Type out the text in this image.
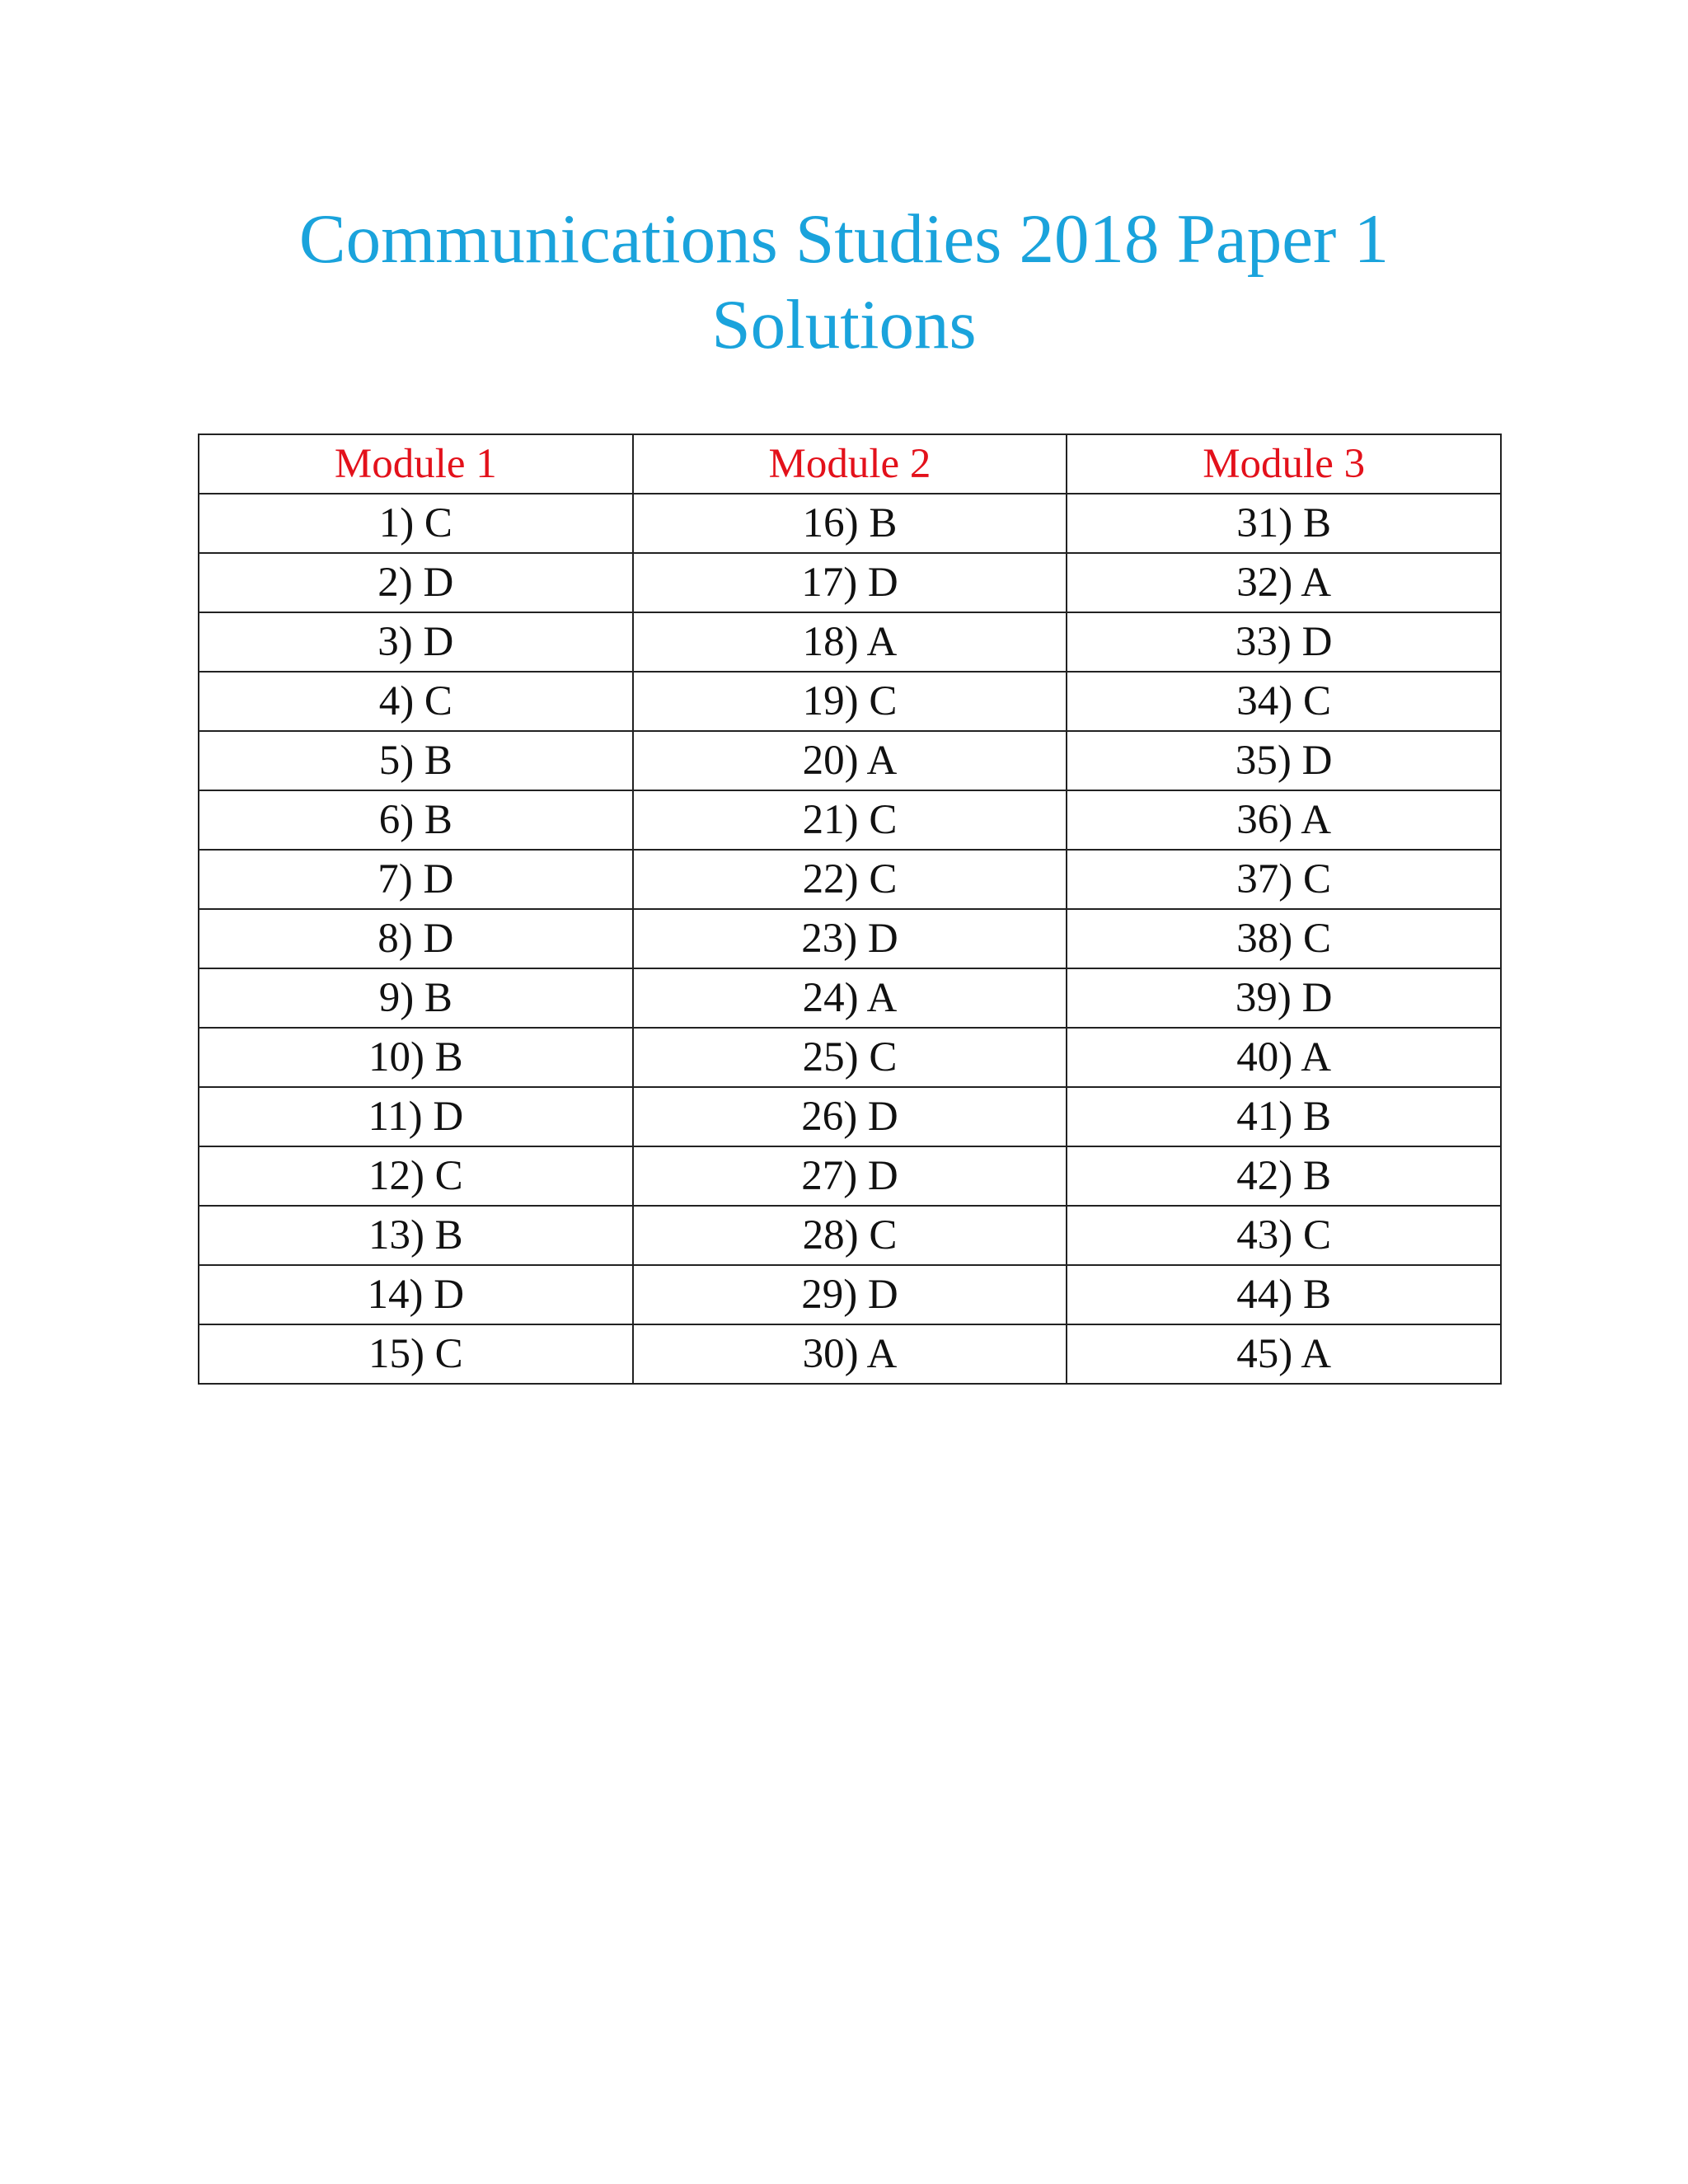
Communications Studies 2018 Paper 1
Solutions
Module 1	Module 2	Module 3
1) C	16) B	31) B
2) D	17) D	32) A
3) D	18) A	33) D
4) C	19) C	34) C
5) B	20) A	35) D
6) B	21) C	36) A
7) D	22) C	37) C
8) D	23) D	38) C
9) B	24) A	39) D
10) B	25) C	40) A
11) D	26) D	41) B
12) C	27) D	42) B
13) B	28) C	43) C
14) D	29) D	44) B
15) C	30) A	45) A
